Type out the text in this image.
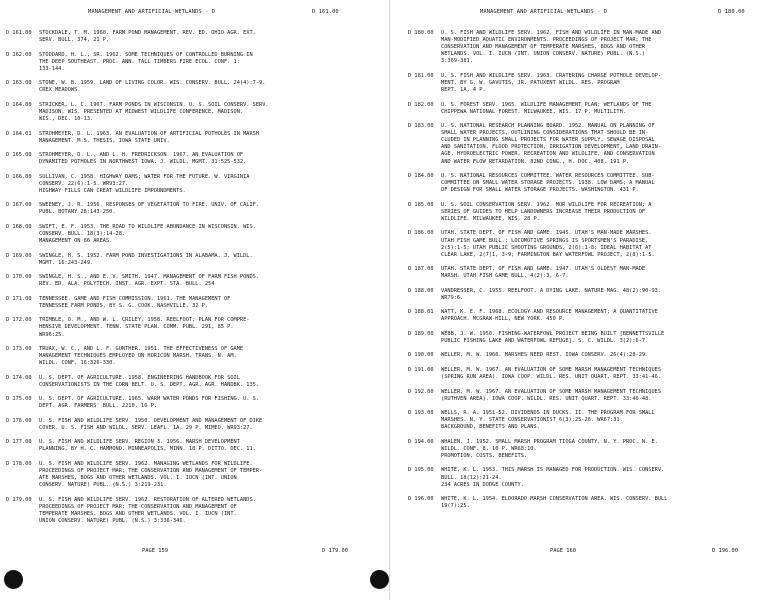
MANAGEMENT AND ARTIFICIAL WETLANDS - D	D 161.00
D 161.00	STOCKDALE, T. M. 1960. FARM POND MANAGEMENT. REV. ED. OHIO AGR. EXT.
SERV. BULL. 374, 21 P.
D 162.00	STODDARD, H. L., SR. 1962. SOME TECHNIQUES OF CONTROLLED BURNING IN
THE DEEP SOUTHEAST. PROC. ANN. TALL TIMBERS FIRE ECOL. CONF. 1:
133-144.
D 163.00	STONE, W. B. 1959. LAND OF LIVING COLOR. WIS. CONSERV. BULL. 24(4):7-9.
CREX MEADOWS.
D 164.00	STRICKER, L. C. 1967. FARM PONDS IN WISCONSIN. U. S. SOIL CONSERV. SERV.
MADISON, WIS. PRESENTED AT MIDWEST WILDLIFE CONFERENCE, MADISON.
WIS., DEC. 10-13.
D 164.01	STROHMEYER, D. L. 1963. AN EVALUATION OF ARTIFICIAL POTHOLES IN MARSH
MANAGEMENT. M.S. THESIS, IOWA STATE UNIV.
D 165.00	STROHMEYER, D. L., AND L. H. FREDRICKSON. 1967. AN EVALUATION OF
DYNAMITED POTHOLES IN NORTHWEST IOWA. J. WILDL. MGMT. 31:525-532.
D 166.00	SULLIVAN, C. 1958. HIGHWAY DAMS; WATER FOR THE FUTURE. W. VIRGINIA
CONSERV. 22(6):1-5. WR93:27.
HIGHWAY FILLS CAN CREAT WILDLIFE IMPOUNDMENTS.
D 167.00	SWEENEY, J. R. 1956. RESPONSES OF VEGETATION TO FIRE. UNIV. OF CALIF.
PUBL. BOTANY 28:143-250.
D 168.00	SWIFT, E. F. 1953. THE ROAD TO WILDLIFE ABUNDANCE IN WISCONSIN. WIS.
CONSERV. BULL. 18(3):14-28.
MANAGEMENT ON 66 AREAS.
D 169.00	SWINGLE, H. S. 1952. FARM POND INVESTIGATIONS IN ALABAMA. J. WILDL.
MGMT. 16:243-249.
D 170.00	SWINGLE, H. S., AND E. V. SMITH. 1947. MANAGEMENT OF FARM FISH PONDS.
REV. ED. ALA. POLYTECH. INST. AGR. EXPT. STA. BULL. 254
D 171.00	TENNESSEE. GAME AND FISH COMMISSION. 1961. THE MANAGEMENT OF
TENNESSEE FARM PONDS, BY S. G. COOK. NASHVILLE. 32 P.
D 172.00	TRIMBLE, O. M., AND W. L. CRILEY. 1958. REELFOOT; PLAN FOR COMPRE-
HENSIVE DEVELOPMENT. TENN. STATE PLAN. COMM. PUBL. 291, 85 P.
WR96:25.
D 173.00	TRUAX, W. C., AND L. F. GUNTHER. 1951. THE EFFECTIVENESS OF GAME
MANAGEMENT TECHNIQUES EMPLOYED ON HORICON MARSH. TRANS. N. AM.
WILDL. CONF. 16:326-330.
D 174.00	U. S. DEPT. OF AGRICULTURE. 1958. ENGINEERING HANDBOOK FOR SOIL
CONSERVATIONISTS IN THE CORN BELT. U. S. DEPT. AGR. AGR. HANDBK. 135.
D 175.00	U. S. DEPT. OF AGRICULTURE. 1965. WARM WATER PONDS FOR FISHING. U. S.
DEPT. AGR. FARMERS' BULL. 2210, 16 P.
D 176.00	U. S. FISH AND WILDLIFE SERV. 1950. DEVELOPMENT AND MANAGEMENT OF DIKE
COVER. U. S. FISH AND WILDL. SERV. LEAFL. 1A, 29 P. MIMEO. WR93:27.
D 177.00	U. S. FISH AND WILDLIFE SERV. REGION 3. 1956. MARSH DEVELOPMENT
PLANNING, BY H. C. HAMMOND. MINNEAPOLIS, MINN. 18 P. DITTO. DEC. 11.
D 178.00	U. S. FISH AND WILDLIFE SERV. 1962. MANAGING WETLANDS FOR WILDLIFE.
PROCEEDINGS OF PROJECT MAR; THE CONSERVATION AND MANAGEMENT OF TEMPER-
ATE MARSHES, BOGS AND OTHER WETLANDS. VOL. I. IUCN (INT. UNION
CONSERV. NATURE) PUBL. (N.S.) 3:219-231.
D 179.00	U. S. FISH AND WILDLIFE SERV. 1962. RESTORATION OF ALTERED WETLANDS.
PROCEEDINGS OF PROJECT MAR; THE CONSERVATION AND MANAGEMENT OF
TEMPERATE MARSHES, BOGS AND OTHER WETLANDS. VOL. I. IUCN (INT.
UNION CONSERV. NATURE) PUBL. (N.S.) 3:336-346.
PAGE 159	D 179.00
MANAGEMENT AND ARTIFICIAL WETLANDS - D	D 180.00
D 180.00	U. S. FISH AND WILDLIFE SERV. 1962. FISH AND WILDLIFE IN MAN-MADE AND
MAN-MODIFIED AQUATIC ENVIRONMENTS. PROCEEDINGS OF PROJECT MAR; THE
CONSERVATION AND MANAGEMENT OF TEMPERATE MARSHES, BOGS AND OTHER
WETLANDS. VOL. I. IUCN (INT. UNION CONSERV. NATURE) PUBL. (N.S.)
3:369-381.
D 181.00	U. S. FISH AND WILDLIFE SERV. 1963. CRATERING CHARGE POTHOLE DEVELOP-
MENT, BY G. W. GAVUTIS, JR. PATUXENT WILDL. RES. PROGRAM
REPT. 1A, 4 P.
D 182.00	U. S. FOREST SERV. 1965. WILDLIFE MANAGEMENT PLAN; WETLANDS OF THE
CHIPPEWA NATIONAL FOREST. MILWAUKEE, WIS. 17 P. MULTILITH.
D 183.00	U. S. NATIONAL RESEARCH PLANNING BOARD. 1952. MANUAL ON PLANNING OF
SMALL WATER PROJECTS, OUTLINING CONSIDERATIONS THAT SHOULD BE IN-
CLUDED IN PLANNING SMALL PROJECTS FOR WATER SUPPLY, SEWAGE DISPOSAL
AND SANITATION, FLOOD PROTECTION, IRRIGATION DEVELOPMENT, LAND DRAIN-
AGE, HYDROELECTRIC POWER, RECREATION AND WILDLIFE, AND CONSERVATION
AND WATER FLOW RETARDATION. 82ND CONG., H. DOC. 408, 191 P.
D 184.00	U. S. NATIONAL RESOURCES COMMITTEE. WATER RESOURCES COMMITTEE. SUB-
COMMITTEE ON SMALL WATER STORAGE PROJECTS. 1938. LOW DAMS; A MANUAL
OF DESIGN FOR SMALL WATER STORAGE PROJECTS. WASHINGTON. 431 P.
D 185.00	U. S. SOIL CONSERVATION SERV. 1962. MOR WILDLIFE FOR RECREATION; A
SERIES OF GUIDES TO HELP LANDOWNERS INCREASE THEIR PRODUCTION OF
WILDLIFE. MILWAUKEE, WIS. 28 P.
D 186.00	UTAH. STATE DEPT. OF FISH AND GAME. 1945. UTAH'S MAN-MADE MARSHES.
UTAH FISH GAME BULL.; LOCOMOTIVE SPRINGS IS SPORTSMEN'S PARADISE,
2(5):1-5; UTAH PUBLIC SHOOTING GROUNDS, 2(6):1-8; IDEAL HABITAT AT
CLEAR LAKE, 2(7)1, 3-9; FARMINGTON BAY WATERFOWL PROJECT, 2(8):1-5.
D 187.00	UTAH. STATE DEPT. OF FISH AND GAME. 1947. UTAH'S OLDEST MAN-MADE
MARSH. UTAH FISH GAME BULL. 4(2):3, 6-7.
D 188.00	VANDRESSER, C. 1955. REELFOOT, A DYING LAKE. NATURE MAG. 48(2):90-93.
WR79:6.
D 188.01	WATT, K. E. F. 1968. ECOLOGY AND RESOURCE MANAGEMENT; A QUANTITATIVE
APPROACH. MCGRAW-HILL, NEW YORK. 450 P.
D 189.00	WEBB, J. W. 1950. FISHING-WATERFOWL PROJECT BEING BUILT [BENNETTSVILLE
PUBLIC FISHING LAKE AND WATERFOWL REFUGE]. S. C. WILDL. 3(2):6-7.
D 190.00	WELLER, M. W. 1966. MARSHES NEED REST. IOWA CONSERV. 26(4):28-29.
D 191.00	WELLER, M. W. 1967. AN EVALUATION OF SOME MARSH MANAGEMENT TECHNIQUES
(SPRING RUN AREA). IOWA COOP. WILDL. RES. UNIT QUART. REPT. 33:41-46.
D 192.00	WELLER, M. W. 1967. AN EVALUATION OF SOME MARSH MANAGEMENT TECHNIQUES
(RUTHVEN AREA). IOWA COOP. WILDL. RES. UNIT QUART. REPT. 33:46-48.
D 193.00	WELLS, R. A. 1951-52. DIVIDENDS IN DUCKS. II. THE PROGRAM FOR SMALL
MARSHES. N. Y. STATE CONSERVATIONIST 6(3):25-26. WR67:31.
BACKGROUND, BENEFITS AND PLANS.
D 194.00	WHALEN, J. 1952. SMALL MARSH PROGRAM TIOGA COUNTY, N. Y. PROC. N. E.
WILDL. CONF. 8, 10 P. WR68:10.
PROMOTION, COSTS, BENEFITS.
D 195.00	WHITE, K. L. 1953. THIS MARSH IS MANAGED FOR PRODUCTION. WIS. CONSERV.
BULL. 18(12):21-24.
234 ACRES IN DODGE COUNTY.
D 196.00	WHITE, K. L. 1954. ELDORADO MARSH CONSERVATION AREA. WIS. CONSERV. BULL.
19(7):25.
PAGE 160	D 196.00
